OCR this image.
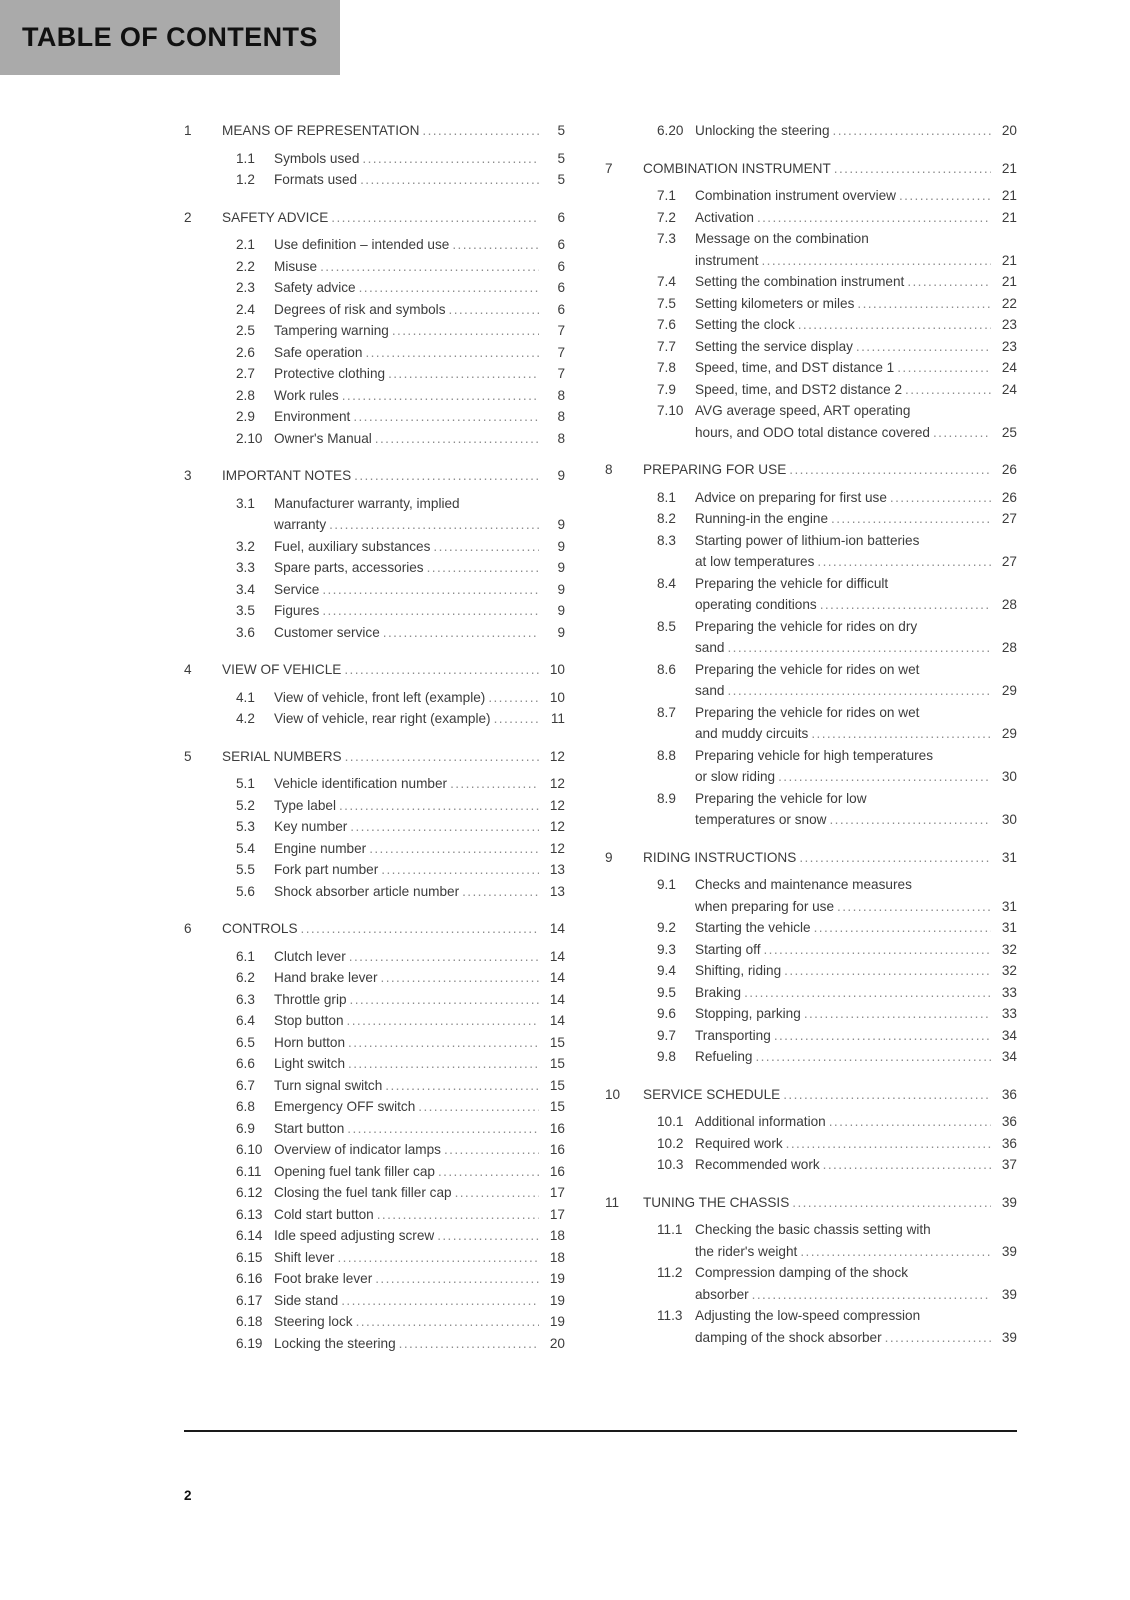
TABLE OF CONTENTS
1	MEANS OF REPRESENTATION .....	5
1.1	Symbols used .....	5
1.2	Formats used .....	5
2	SAFETY ADVICE .....	6
2.1	Use definition – intended use .....	6
2.2	Misuse .....	6
2.3	Safety advice .....	6
2.4	Degrees of risk and symbols .....	6
2.5	Tampering warning .....	7
2.6	Safe operation .....	7
2.7	Protective clothing .....	7
2.8	Work rules .....	8
2.9	Environment .....	8
2.10 Owner's Manual .....	8
3	IMPORTANT NOTES .....	9
3.1	Manufacturer warranty, implied
warranty .....	9
3.2	Fuel, auxiliary substances .....	9
3.3	Spare parts, accessories .....	9
3.4	Service .....	9
3.5	Figures .....	9
3.6	Customer service .....	9
4	VIEW OF VEHICLE .....	10
4.1	View of vehicle, front left (example) .....	10
4.2	View of vehicle, rear right (example) .....	11
5	SERIAL NUMBERS .....	12
5.1	Vehicle identification number .....	12
5.2	Type label .....	12
5.3	Key number .....	12
5.4	Engine number .....	12
5.5	Fork part number .....	13
5.6	Shock absorber article number .....	13
6	CONTROLS .....	14
6.1	Clutch lever .....	14
6.2	Hand brake lever .....	14
6.3	Throttle grip .....	14
6.4	Stop button .....	14
6.5	Horn button .....	15
6.6	Light switch .....	15
6.7	Turn signal switch .....	15
6.8	Emergency OFF switch .....	15
6.9	Start button .....	16
6.10 Overview of indicator lamps .....	16
6.11 Opening fuel tank filler cap .....	16
6.12 Closing the fuel tank filler cap .....	17
6.13 Cold start button .....	17
6.14 Idle speed adjusting screw .....	18
6.15 Shift lever .....	18
6.16 Foot brake lever .....	19
6.17 Side stand .....	19
6.18 Steering lock .....	19
6.19 Locking the steering .....	20
6.20 Unlocking the steering .....	20
7	COMBINATION INSTRUMENT .....	21
7.1	Combination instrument overview .....	21
7.2	Activation .....	21
7.3	Message on the combination
instrument .....	21
7.4	Setting the combination instrument .....	21
7.5	Setting kilometers or miles .....	22
7.6	Setting the clock .....	23
7.7	Setting the service display .....	23
7.8	Speed, time, and DST distance 1 .....	24
7.9	Speed, time, and DST2 distance 2 .....	24
7.10 AVG average speed, ART operating
hours, and ODO total distance covered .....	25
8	PREPARING FOR USE .....	26
8.1	Advice on preparing for first use .....	26
8.2	Running-in the engine .....	27
8.3	Starting power of lithium-ion batteries
at low temperatures .....	27
8.4	Preparing the vehicle for difficult
operating conditions .....	28
8.5	Preparing the vehicle for rides on dry
sand .....	28
8.6	Preparing the vehicle for rides on wet
sand .....	29
8.7	Preparing the vehicle for rides on wet
and muddy circuits .....	29
8.8	Preparing vehicle for high temperatures
or slow riding .....	30
8.9	Preparing the vehicle for low
temperatures or snow .....	30
9	RIDING INSTRUCTIONS .....	31
9.1	Checks and maintenance measures
when preparing for use .....	31
9.2	Starting the vehicle .....	31
9.3	Starting off .....	32
9.4	Shifting, riding .....	32
9.5	Braking .....	33
9.6	Stopping, parking .....	33
9.7	Transporting .....	34
9.8	Refueling .....	34
10	SERVICE SCHEDULE .....	36
10.1 Additional information .....	36
10.2 Required work .....	36
10.3 Recommended work .....	37
11	TUNING THE CHASSIS .....	39
11.1 Checking the basic chassis setting with
the rider's weight .....	39
11.2 Compression damping of the shock
absorber .....	39
11.3 Adjusting the low-speed compression
damping of the shock absorber .....	39
2
